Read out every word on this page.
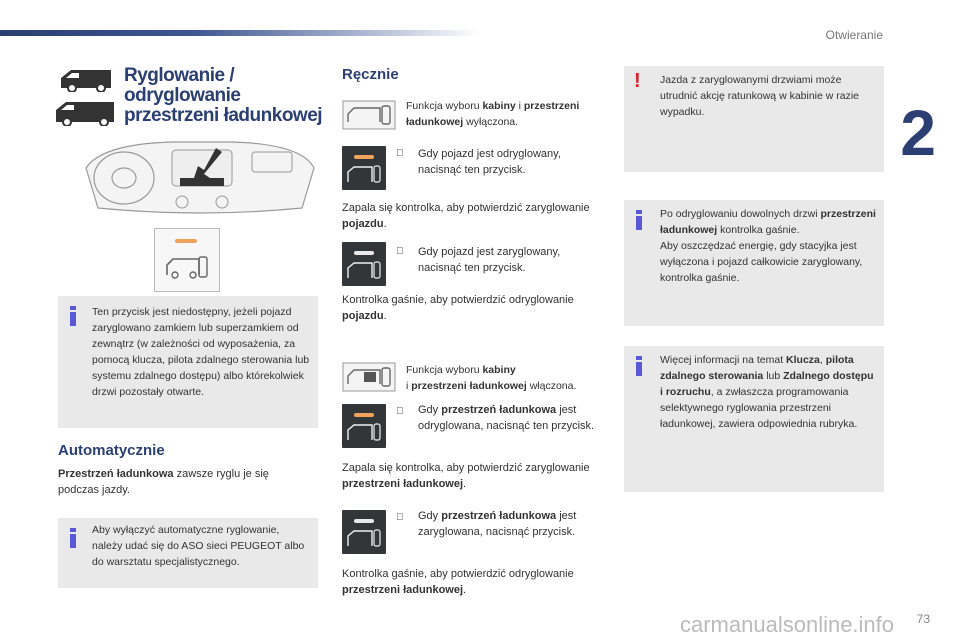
Otwieranie
2
Ryglowanie /
odryglowanie
przestrzeni ładunkowej
Ten przycisk jest niedostępny, jeżeli pojazd zaryglowano zamkiem lub superzamkiem od zewnątrz (w zależności od wyposażenia, za pomocą klucza, pilota zdalnego sterowania lub systemu zdalnego dostępu) albo którekolwiek drzwi pozostały otwarte.
Automatycznie
Przestrzeń ładunkowa zawsze ryglu je się podczas jazdy.
Aby wyłączyć automatyczne ryglowanie, należy udać się do ASO sieci PEUGEOT albo do warsztatu specjalistycznego.
Ręcznie
Funkcja wyboru kabiny i przestrzeni ładunkowej wyłączona.
Gdy pojazd jest odryglowany, nacisnąć ten przycisk.
Zapala się kontrolka, aby potwierdzić zaryglowanie pojazdu.
Gdy pojazd jest zaryglowany, nacisnąć ten przycisk.
Kontrolka gaśnie, aby potwierdzić odryglowanie pojazdu.
Funkcja wyboru kabiny
i przestrzeni ładunkowej włączona.
Gdy przestrzeń ładunkowa jest odryglowana, nacisnąć ten przycisk.
Zapala się kontrolka, aby potwierdzić zaryglowanie przestrzeni ładunkowej.
Gdy przestrzeń ładunkowa jest zaryglowana, nacisnąć przycisk.
Kontrolka gaśnie, aby potwierdzić odryglowanie przestrzeni ładunkowej.
! Jazda z zaryglowanymi drzwiami może utrudnić akcję ratunkową w kabinie w razie wypadku.
Po odryglowaniu dowolnych drzwi przestrzeni ładunkowej kontrolka gaśnie.
Aby oszczędzać energię, gdy stacyjka jest wyłączona i pojazd całkowicie zaryglowany, kontrolka gaśnie.
Więcej informacji na temat Klucza, pilota zdalnego sterowania lub Zdalnego dostępu i rozruchu, a zwłaszcza programowania selektywnego ryglowania przestrzeni ładunkowej, zawiera odpowiednia rubryka.
carmanualsonline.info 73
